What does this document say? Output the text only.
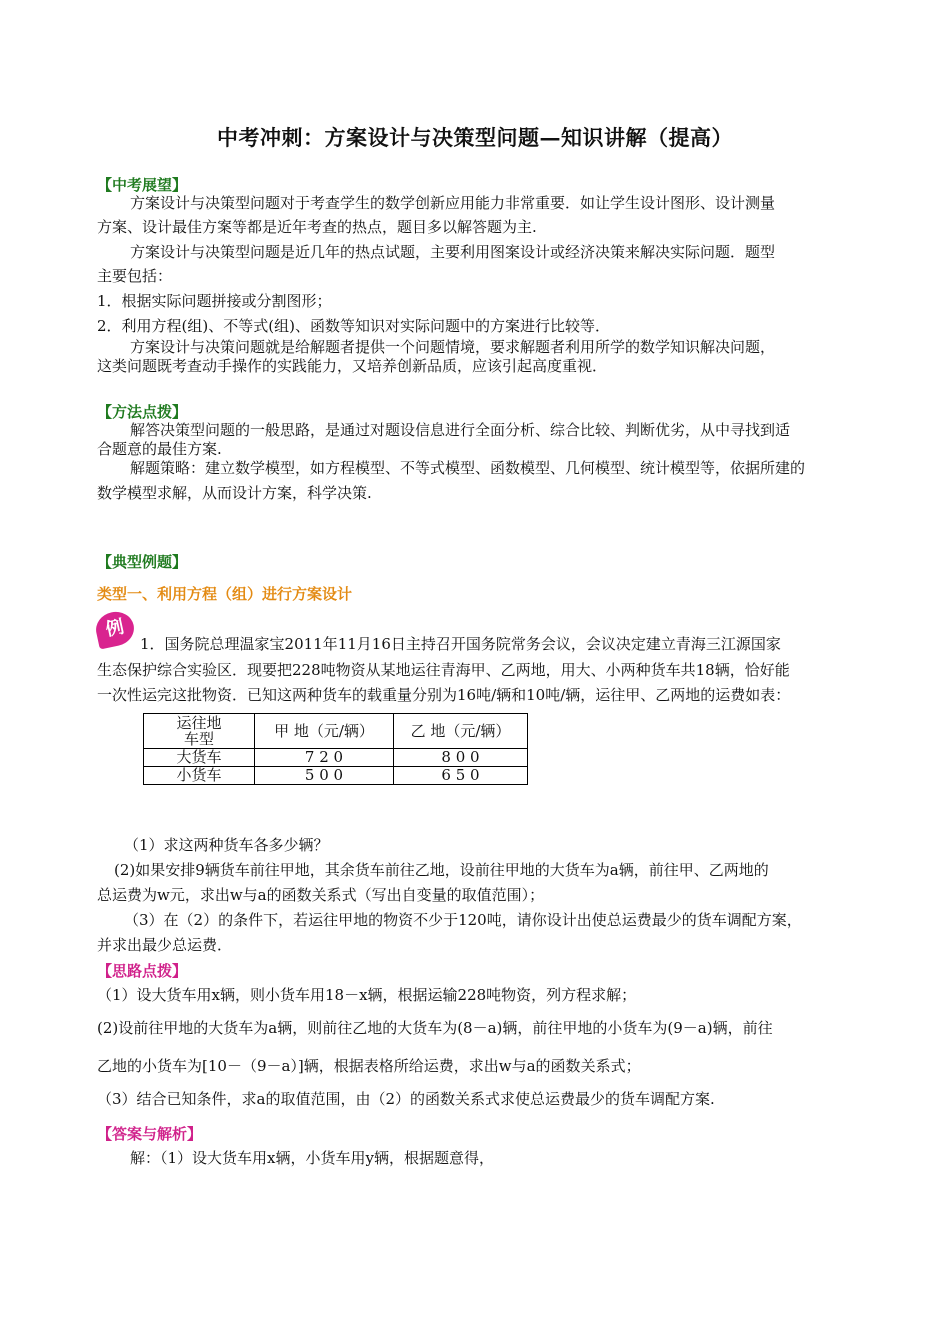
中考冲刺：方案设计与决策型问题—知识讲解（提高）
【中考展望】
方案设计与决策型问题对于考查学生的数学创新应用能力非常重要．如让学生设计图形、设计测量
方案、设计最佳方案等都是近年考查的热点，题目多以解答题为主.
方案设计与决策型问题是近几年的热点试题，主要利用图案设计或经济决策来解决实际问题．题型
主要包括：
1．根据实际问题拼接或分割图形；
2．利用方程(组)、不等式(组)、函数等知识对实际问题中的方案进行比较等．
方案设计与决策问题就是给解题者提供一个问题情境，要求解题者利用所学的数学知识解决问题，
这类问题既考查动手操作的实践能力，又培养创新品质，应该引起高度重视．
【方法点拨】
解答决策型问题的一般思路，是通过对题设信息进行全面分析、综合比较、判断优劣，从中寻找到适
合题意的最佳方案.
解题策略：建立数学模型，如方程模型、不等式模型、函数模型、几何模型、统计模型等，依据所建的
数学模型求解，从而设计方案，科学决策.
【典型例题】
类型一、利用方程（组）进行方案设计
例
1．国务院总理温家宝2011年11月16日主持召开国务院常务会议，会议决定建立青海三江源国家
生态保护综合实验区．现要把228吨物资从某地运往青海甲、乙两地，用大、小两种货车共18辆，恰好能
一次性运完这批物资．已知这两种货车的载重量分别为16吨/辆和10吨/辆，运往甲、乙两地的运费如表：
运往地
车型	甲 地（元/辆）	乙 地（元/辆）
大货车	7 2 0	8 0 0
小货车	5 0 0	6 5 0
（1）求这两种货车各多少辆？
(2)如果安排9辆货车前往甲地，其余货车前往乙地，设前往甲地的大货车为a辆，前往甲、乙两地的
总运费为w元，求出w与a的函数关系式（写出自变量的取值范围）；
（3）在（2）的条件下，若运往甲地的物资不少于120吨，请你设计出使总运费最少的货车调配方案，
并求出最少总运费．
【思路点拨】
（1）设大货车用x辆，则小货车用18－x辆，根据运输228吨物资，列方程求解；
(2)设前往甲地的大货车为a辆，则前往乙地的大货车为(8－a)辆，前往甲地的小货车为(9－a)辆，前往
乙地的小货车为[10－（9－a）]辆，根据表格所给运费，求出w与a的函数关系式；
（3）结合已知条件，求a的取值范围，由（2）的函数关系式求使总运费最少的货车调配方案.
【答案与解析】
解：（1）设大货车用x辆，小货车用y辆，根据题意得，
